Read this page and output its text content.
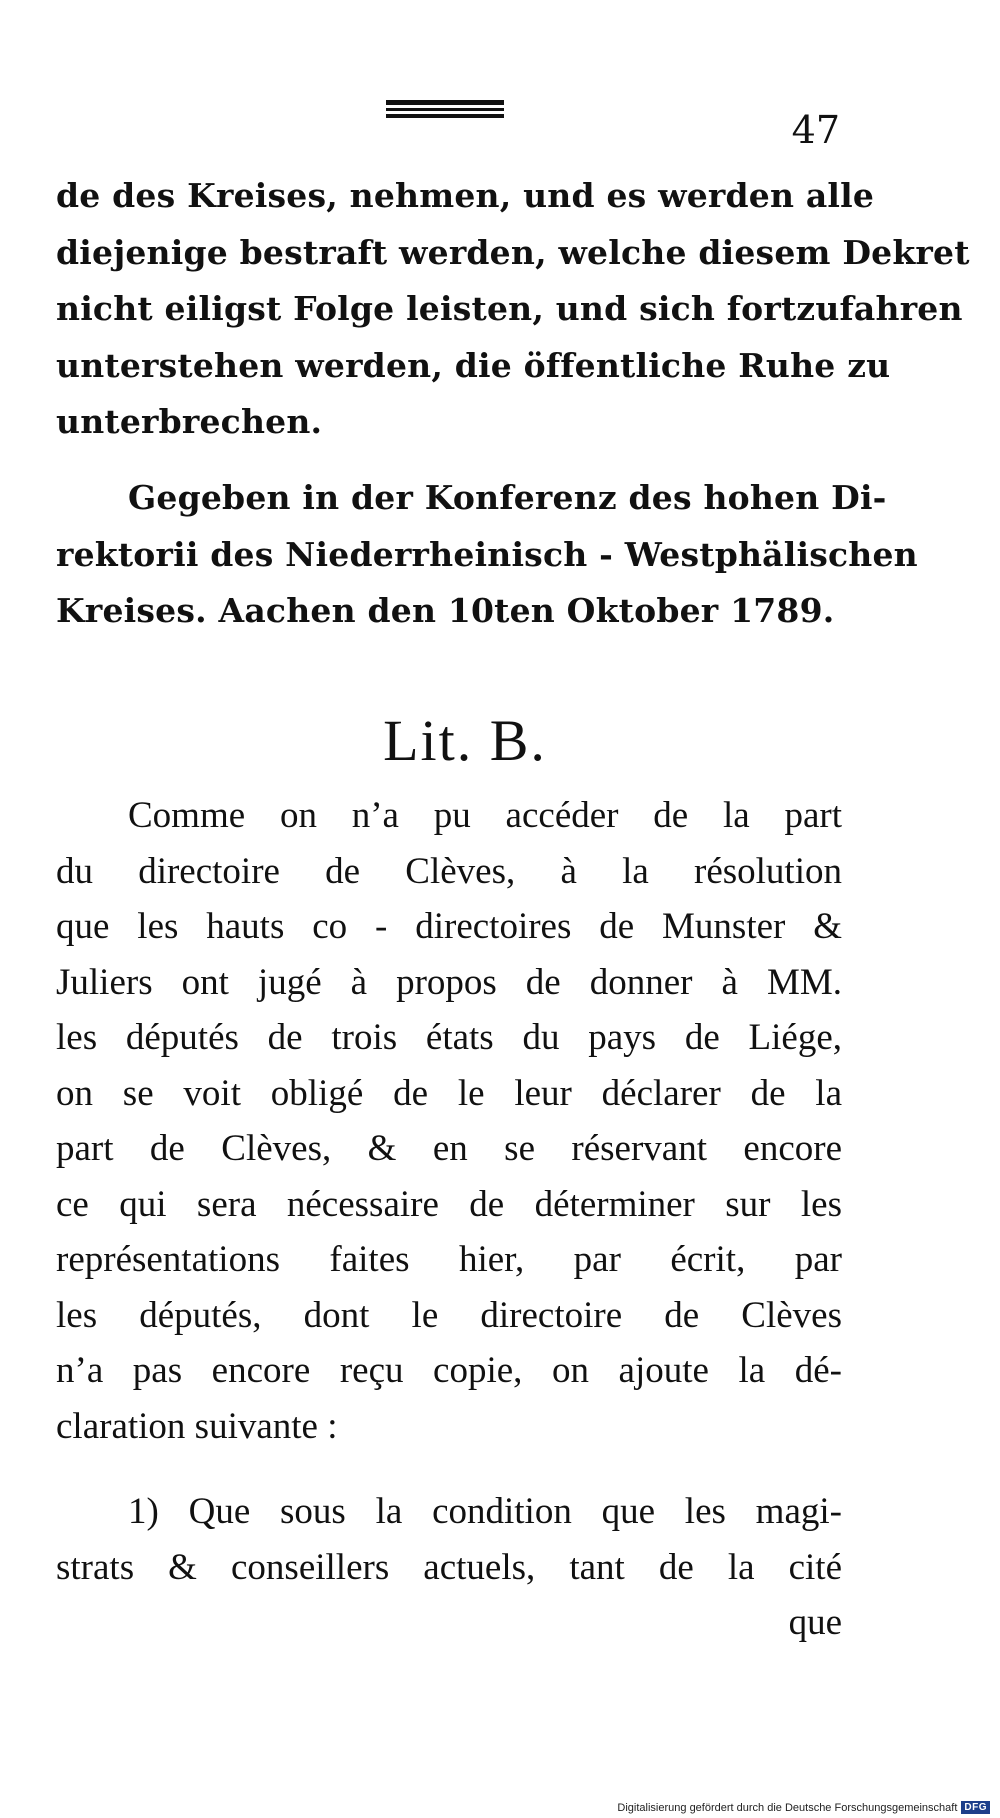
47
de des Kreises, nehmen, und es werden alle
diejenige bestraft werden, welche diesem Dekret
nicht eiligst Folge leisten, und sich fortzufahren
unterstehen werden, die öffentliche Ruhe zu
unterbrechen.
Gegeben in der Konferenz des hohen Di-
rektorii des Niederrheinisch - Westphälischen
Kreises. Aachen den 10ten Oktober 1789.
Lit. B.
Comme on n’a pu accéder de la part
du directoire de Clèves, à la résolution
que les hauts co - directoires de Munster &
Juliers ont jugé à propos de donner à MM.
les députés de trois états du pays de Liége,
on se voit obligé de le leur déclarer de la
part de Clèves, & en se réservant encore
ce qui sera nécessaire de déterminer sur les
représentations faites hier, par écrit, par
les députés, dont le directoire de Clèves
n’a pas encore reçu copie, on ajoute la dé-
claration suivante :
1) Que sous la condition que les magi-
strats & conseillers actuels, tant de la cité
que
Digitalisierung gefördert durch die Deutsche Forschungsgemeinschaft DFG
